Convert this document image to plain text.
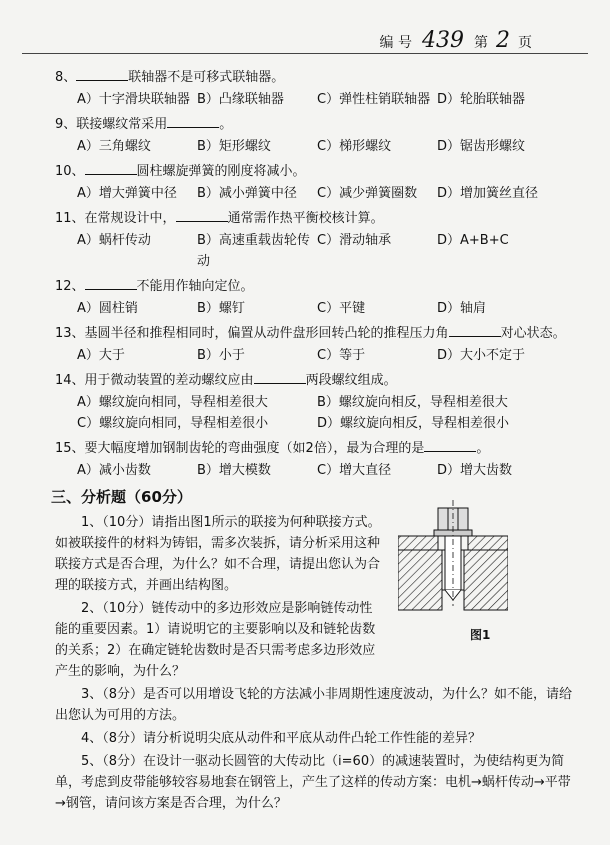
编 号 439 第 2 页
8、	联轴器不是可移式联轴器。
A）十字滑块联轴器 B）凸缘联轴器	C）弹性柱销联轴器 D）轮胎联轴器
9、联接螺纹常采用	。
A）三角螺纹	B）矩形螺纹	C）梯形螺纹	D）锯齿形螺纹
10、	圆柱螺旋弹簧的刚度将减小。
A）增大弹簧中径	B）减小弹簧中径	C）减少弹簧圈数	D）增加簧丝直径
11、在常规设计中，	通常需作热平衡校核计算。
A）蜗杆传动	B）高速重载齿轮传动
C）滑动轴承	D）A+B+C
12、	不能用作轴向定位。
A）圆柱销	B）螺钉	C）平键	D）轴肩
13、基圆半径和推程相同时，偏置从动件盘形回转凸轮的推程压力角	对心状态。
A）大于	B）小于	C）等于	D）大小不定于
14、用于微动装置的差动螺纹应由	两段螺纹组成。
A）螺纹旋向相同，导程相差很大	B）螺纹旋向相反，导程相差很大
C）螺纹旋向相同，导程相差很小	D）螺纹旋向相反，导程相差很小
15、要大幅度增加钢制齿轮的弯曲强度（如2倍），最为合理的是	。
A）减小齿数	B）增大模数	C）增大直径	D）增大齿数
三、分析题（60分）

1、（10分）请指出图1所示的联接为何种联接方式。如被联接件的材料为铸铝，需多次装拆，请分析采用这种联接方式是否合理，为什么？如不合理，请提出您认为合理的联接方式，并画出结构图。

2、（10分）链传动中的多边形效应是影响链传动性能的重要因素。1）请说明它的主要影响以及和链轮齿数的关系；2）在确定链轮齿数时是否只需考虑多边形效应产生的影响，为什么？

3、（8分）是否可以用增设飞轮的方法减小非周期性速度波动，为什么？如不能，请给出您认为可用的方法。

4、（8分）请分析说明尖底从动件和平底从动件凸轮工作性能的差异？

5、（8分）在设计一驱动长圆管的大传动比（i=60）的减速装置时，为使结构更为简单，考虑到皮带能够较容易地套在钢管上，产生了这样的传动方案：电机→蜗杆传动→平带→钢管，请问该方案是否合理，为什么？

图1
